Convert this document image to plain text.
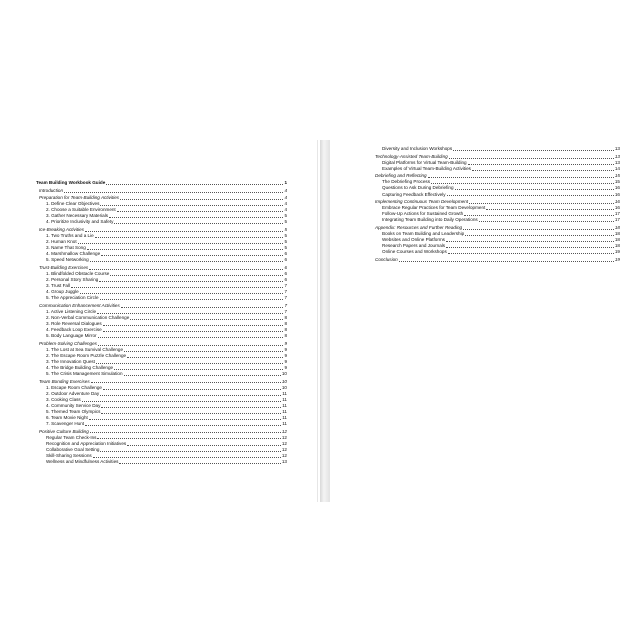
Team Building Workbook Guide	1
Introduction	4
Preparation for Team-Building Activities	4
1. Define Clear Objectives	4
2. Choose a Suitable Environment	4
3. Gather Necessary Materials	5
4. Prioritize Inclusivity and Safety	5
Ice-Breaking Activities	5
1. Two Truths and a Lie	5
2. Human Knot	5
3. Name That Song	5
4. Marshmallow Challenge	6
5. Speed Networking	6
Trust-Building Exercises	6
1. Blindfolded Obstacle Course	6
2. Personal Story Sharing	6
3. Trust Fall	7
4. Group Juggle	7
5. The Appreciation Circle	7
Communication Enhancement Activities	7
1. Active Listening Circle	7
2. Non-Verbal Communication Challenge	8
3. Role Reversal Dialogues	8
4. Feedback Loop Exercise	8
5. Body Language Mirror	8
Problem-Solving Challenges	9
1. The Lost at Sea Survival Challenge	9
2. The Escape Room Puzzle Challenge	9
3. The Innovation Quest	9
4. The Bridge Building Challenge	9
5. The Crisis Management Simulation	10
Team Bonding Exercises	10
1. Escape Room Challenge	10
2. Outdoor Adventure Day	11
3. Cooking Class	11
4. Community Service Day	11
5. Themed Team Olympics	11
6. Team Movie Night	11
7. Scavenger Hunt	11
Positive Culture Building	12
Regular Team Check-Ins	12
Recognition and Appreciation Initiatives	12
Collaborative Goal Setting	12
Skill-Sharing Sessions	12
Wellness and Mindfulness Activities	13
Diversity and Inclusion Workshops	13
Technology-Assisted Team-Building	13
Digital Platforms for Virtual Team-Building	13
Examples of Virtual Team-Building Activities	14
Debriefing and Reflecting	15
The Debriefing Process	15
Questions to Ask During Debriefing	16
Capturing Feedback Effectively	16
Implementing Continuous Team Development	16
Embrace Regular Practices for Team Development	16
Follow-Up Actions for Sustained Growth	17
Integrating Team Building into Daily Operations	17
Appendix: Resources and Further Reading	18
Books on Team Building and Leadership	18
Websites and Online Platforms	18
Research Papers and Journals	18
Online Courses and Workshops	19
Conclusion	19
